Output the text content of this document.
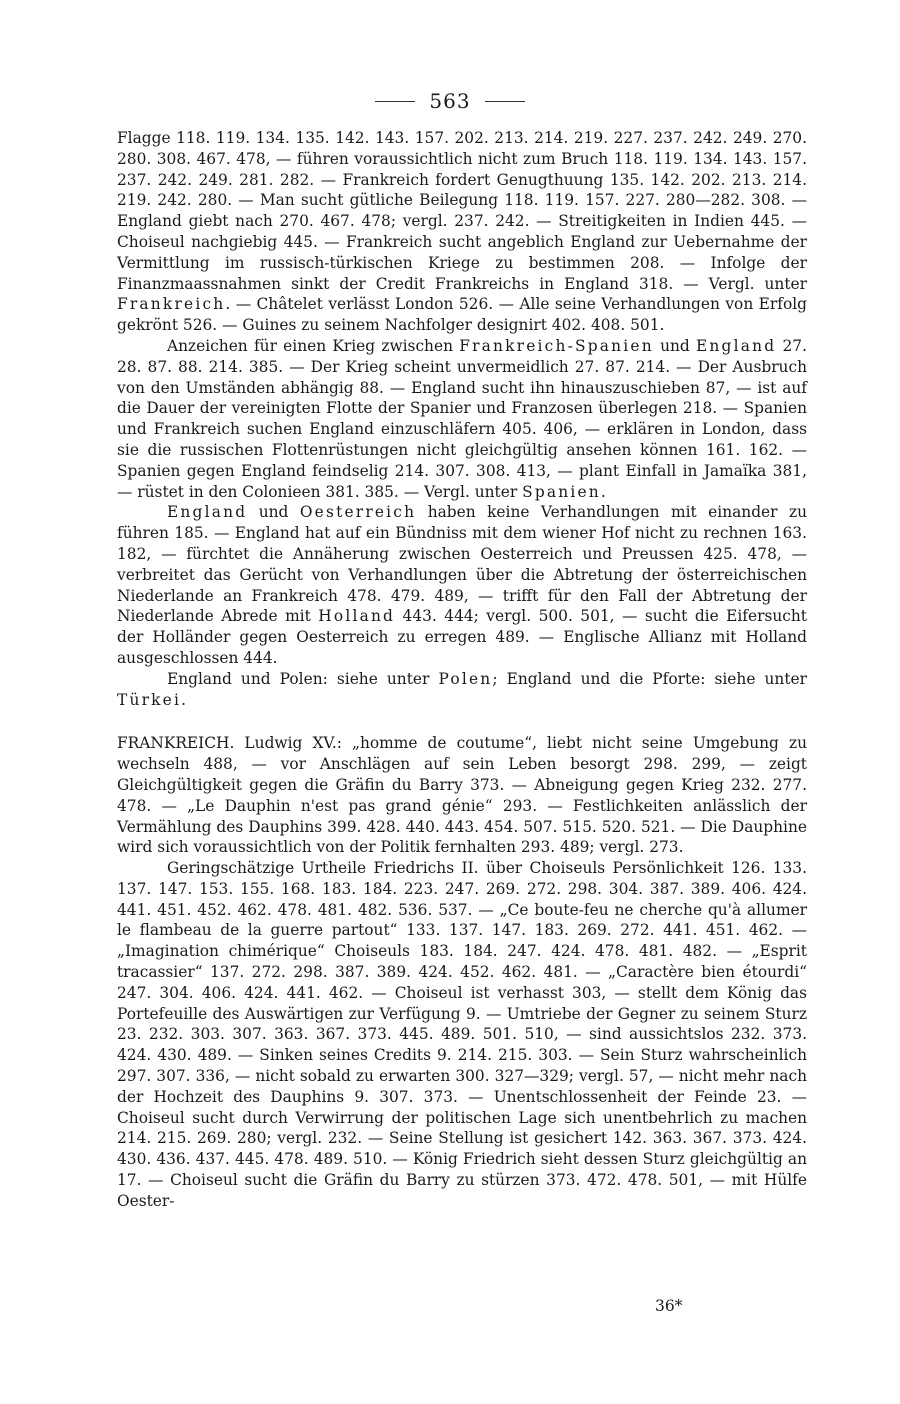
563

Flagge 118. 119. 134. 135. 142. 143. 157. 202. 213. 214. 219. 227. 237. 242. 249. 270. 280. 308. 467. 478, — führen voraussichtlich nicht zum Bruch 118. 119. 134. 143. 157. 237. 242. 249. 281. 282. — Frankreich fordert Genugthuung 135. 142. 202. 213. 214. 219. 242. 280. — Man sucht gütliche Beilegung 118. 119. 157. 227. 280—282. 308. — England giebt nach 270. 467. 478; vergl. 237. 242. — Streitigkeiten in Indien 445. — Choiseul nachgiebig 445. — Frankreich sucht angeblich England zur Uebernahme der Vermittlung im russisch-türkischen Kriege zu bestimmen 208. — Infolge der Finanzmaassnahmen sinkt der Credit Frankreichs in England 318. — Vergl. unter Frankreich. — Châtelet verlässt London 526. — Alle seine Verhandlungen von Erfolg gekrönt 526. — Guines zu seinem Nachfolger designirt 402. 408. 501.

Anzeichen für einen Krieg zwischen Frankreich-Spanien und England 27. 28. 87. 88. 214. 385. — Der Krieg scheint unvermeidlich 27. 87. 214. — Der Ausbruch von den Umständen abhängig 88. — England sucht ihn hinauszuschieben 87, — ist auf die Dauer der vereinigten Flotte der Spanier und Franzosen überlegen 218. — Spanien und Frankreich suchen England einzuschläfern 405. 406, — erklären in London, dass sie die russischen Flottenrüstungen nicht gleichgültig ansehen können 161. 162. — Spanien gegen England feindselig 214. 307. 308. 413, — plant Einfall in Jamaïka 381, — rüstet in den Colonieen 381. 385. — Vergl. unter Spanien.

England und Oesterreich haben keine Verhandlungen mit einander zu führen 185. — England hat auf ein Bündniss mit dem wiener Hof nicht zu rechnen 163. 182, — fürchtet die Annäherung zwischen Oesterreich und Preussen 425. 478, — verbreitet das Gerücht von Verhandlungen über die Abtretung der österreichischen Niederlande an Frankreich 478. 479. 489, — trifft für den Fall der Abtretung der Niederlande Abrede mit Holland 443. 444; vergl. 500. 501, — sucht die Eifersucht der Holländer gegen Oesterreich zu erregen 489. — Englische Allianz mit Holland ausgeschlossen 444.

England und Polen: siehe unter Polen; England und die Pforte: siehe unter Türkei.

FRANKREICH. Ludwig XV.: „homme de coutume“, liebt nicht seine Umgebung zu wechseln 488, — vor Anschlägen auf sein Leben besorgt 298. 299, — zeigt Gleichgültigkeit gegen die Gräfin du Barry 373. — Abneigung gegen Krieg 232. 277. 478. — „Le Dauphin n'est pas grand génie“ 293. — Festlichkeiten anlässlich der Vermählung des Dauphins 399. 428. 440. 443. 454. 507. 515. 520. 521. — Die Dauphine wird sich voraussichtlich von der Politik fernhalten 293. 489; vergl. 273.

Geringschätzige Urtheile Friedrichs II. über Choiseuls Persönlichkeit 126. 133. 137. 147. 153. 155. 168. 183. 184. 223. 247. 269. 272. 298. 304. 387. 389. 406. 424. 441. 451. 452. 462. 478. 481. 482. 536. 537. — „Ce boute-feu ne cherche qu'à allumer le flambeau de la guerre partout“ 133. 137. 147. 183. 269. 272. 441. 451. 462. — „Imagination chimérique“ Choiseuls 183. 184. 247. 424. 478. 481. 482. — „Esprit tracassier“ 137. 272. 298. 387. 389. 424. 452. 462. 481. — „Caractère bien étourdi“ 247. 304. 406. 424. 441. 462. — Choiseul ist verhasst 303, — stellt dem König das Portefeuille des Auswärtigen zur Verfügung 9. — Umtriebe der Gegner zu seinem Sturz 23. 232. 303. 307. 363. 367. 373. 445. 489. 501. 510, — sind aussichtslos 232. 373. 424. 430. 489. — Sinken seines Credits 9. 214. 215. 303. — Sein Sturz wahrscheinlich 297. 307. 336, — nicht sobald zu erwarten 300. 327—329; vergl. 57, — nicht mehr nach der Hochzeit des Dauphins 9. 307. 373. — Unentschlossenheit der Feinde 23. — Choiseul sucht durch Verwirrung der politischen Lage sich unentbehrlich zu machen 214. 215. 269. 280; vergl. 232. — Seine Stellung ist gesichert 142. 363. 367. 373. 424. 430. 436. 437. 445. 478. 489. 510. — König Friedrich sieht dessen Sturz gleichgültig an 17. — Choiseul sucht die Gräfin du Barry zu stürzen 373. 472. 478. 501, — mit Hülfe Oester-

36*
